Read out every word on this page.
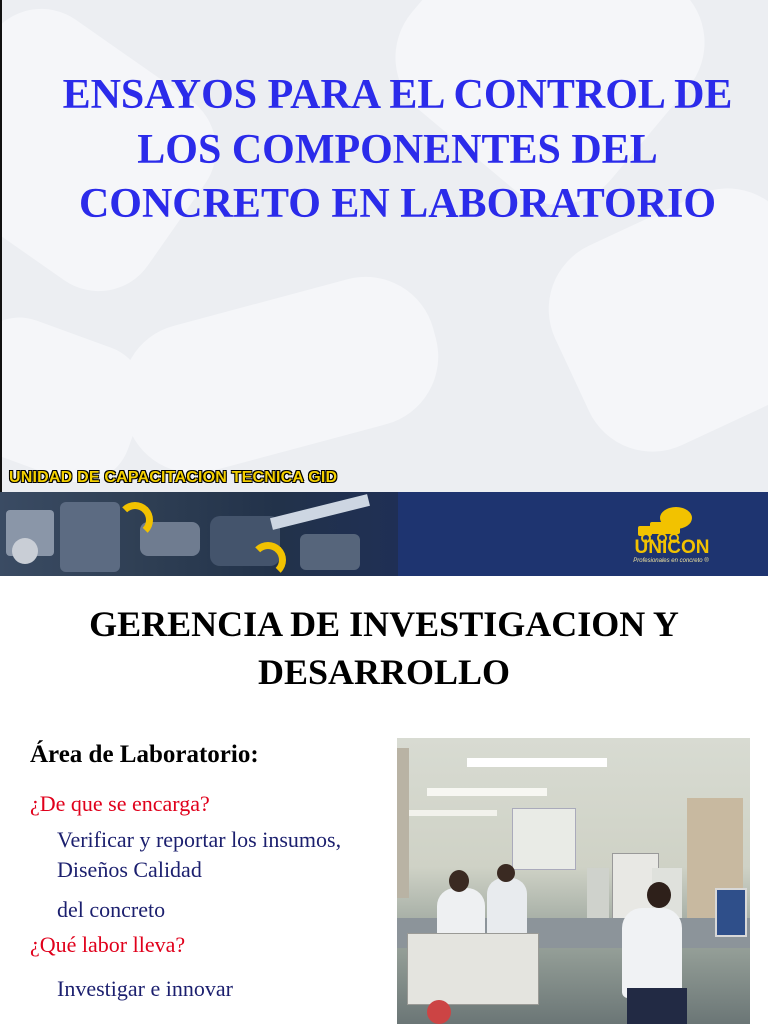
ENSAYOS PARA EL CONTROL DE LOS COMPONENTES DEL CONCRETO EN LABORATORIO

UNIDAD DE CAPACITACION TECNICA GID

UNICON

Profesionales en concreto ®

GERENCIA DE INVESTIGACION Y DESARROLLO

Área de Laboratorio:

¿De que se encarga?

Verificar y reportar los insumos, Diseños Calidad

del concreto

¿Qué labor lleva?

Investigar e innovar
